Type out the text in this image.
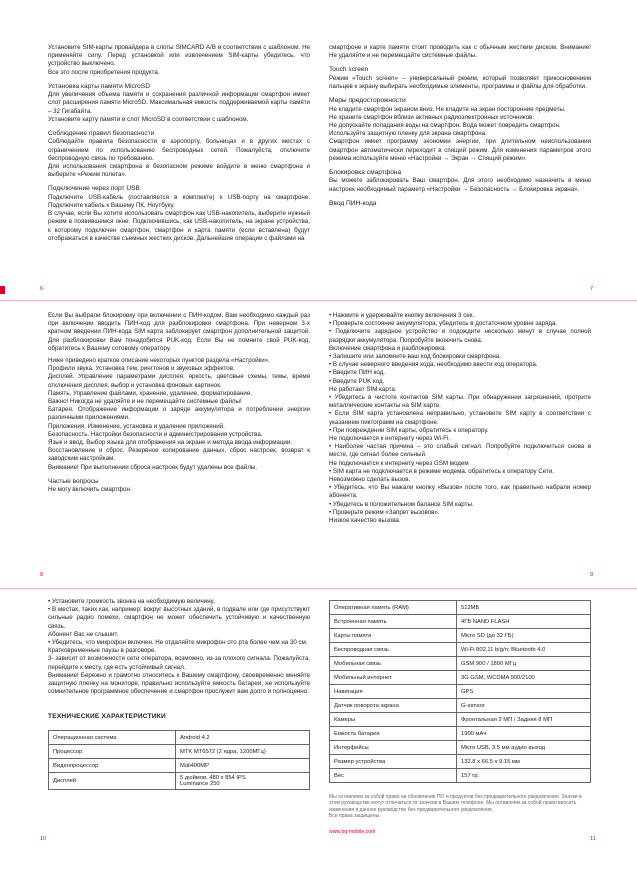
Установите SIM-карты провайдера в слоты SIMCARD A/B в соответствии с шаблоном. Не применяйте силу. Перед установкой или извлечением SIM-карты убедитесь, что устройство выключено.
Все это после приобретения продукта.

Установка карты памяти MicroSD

Для увеличения объема памяти и сохранения различной информации смартфон имеет слот расширения памяти MicroSD. Максимальная емкость поддерживаемой карты памяти – 32 Гигабайта.
Установите карту памяти в слот MicroSD в соответствии с шаблоном.

Соблюдение правил безопасности

Соблюдайте правила безопасности в аэропорту, больницах и в других местах с ограничением по использованию беспроводных сетей. Пожалуйста, отключите беспроводную связь по требованию.
Для использования смартфона в безопасном режиме войдите в меню смартфона и выберите «Режим полета».

Подключение через порт USB

Подключите USB-кабель (поставляется в комплекте) к USB-порту на смартфоне. Подключите кабель к Вашему ПК, Ноутбуку.
В случае, если Вы хотите использовать смартфон как USB-накопитель, выберите нужный режим в появившемся окне. Подключившись, как USB-накопитель, на экране устройства, к которому подключен смартфон, смартфон и карта памяти (если вставлена) будут отображаться в качестве съемных жестких дисков. Дальнейшие операции с файлами на

6

смартфоне и карте памяти стоит проводить как с обычным жестким диском. Внимание! Не удаляйте и не перемещайте системные файлы.

Touch screen

Режим «Touch screen» – универсальный режим, который позволяет прикосновением пальцев к экрану выбирать необходимые элементы, программы и файлы для обработки.

Меры предосторожности

Не кладите смартфон экраном вниз. Не кладите на экран посторонние предметы.
Не храните смартфон вблизи активных радиоэлектронных источников.
Не допускайте попадания воды на смартфон. Вода может повредить смартфон.
Используйте защитную пленку для экрана смартфона.
Смартфон имеет программу экономии энергии, при длительном неиспользовании смартфон автоматически переходит в спящий режим. Для изменения параметров этого режима используйте меню «Настройки → Экран → Спящий режим».

Блокировка смартфона

Вы можете заблокировать Ваш смартфон. Для этого необходимо назначить в меню настроек необходимый параметр «Настройки → Безопасность → Блокировка экрана».

Ввод ПИН-кода

7

Если Вы выбрали блокировку при включении с ПИН-кодом, Вам необходимо каждый раз при включении вводить ПИН-код для разблокировки смартфона. При неверном 3-х кратном введении ПИН-кода SIM карта заблокирует смартфон дополнительной защитой. Для разблокировки Вам понадобится PUK-код. Если Вы не помните свой PUK-код, обратитесь к Вашему сотовому оператору.

Ниже приведено краткое описание некоторых пунктов раздела «Настройки».
Профили звука. Установка тем, рингтонов и звуковых эффектов.
Дисплей. Управление параметрами дисплея: яркость, цветовые схемы, темы, время отключения дисплея, выбор и установка фоновых картинок.
Память. Управление файлами, хранение, удаление, форматирование.
Важно! Никогда не удаляйте и не перемещайте системные файлы!
Батарея. Отображение информации о заряде аккумулятора и потреблении энергии различными приложениями.
Приложения. Изменение, установка и удаление приложений.
Безопасность. Настройки безопасности и администрирования устройства.
Язык и ввод. Выбор языка для отображения на экране и метода ввода информации.
Восстановление и сброс. Резервное копирование данных, сброс настроек, возврат к заводским настройкам.
Внимание! При выполнении сброса настроек будут удалены все файлы.

Частые вопросы

Не могу включить смартфон.

8

• Нажмите и удерживайте кнопку включения 3 сек.
• Проверьте состояние аккумулятора, убедитесь в достаточном уровне заряда.
• Подключите зарядное устройство и подождите несколько минут в случае полной разрядки аккумулятора. Попробуйте включить снова.
Включение смартфона и разблокировка.
• Запишите или запомните ваш код блокировки смартфона.
• В случае неверного введения кода, необходимо ввести код оператора.
• Введите ПИН код.
• Введите PUK код.
Не работает SIM карта.
• Убедитесь в чистоте контактов SIM карты. При обнаружении загрязнений, протрите металлические контакты на SIM карте.
• Если SIM карта установлена неправильно, установите SIM карту в соответствии с указанием пиктограмм на смартфоне.
• При повреждении SIM карты, обратитесь к оператору.
Не подключается к интернету через Wi-Fi.
• Наиболее частая причина – это слабый сигнал. Попробуйте подключиться снова в месте, где сигнал более сильный.
Не подключается к интернету через GSM модем
• SIM карта не подключается в режиме модема, обратитесь к оператору Сети.
Невозможно сделать вызов.
• Убедитесь, что Вы нажали кнопку «Вызов» после того, как правильно набрали номер абонента.
• Убедитесь в положительном балансе SIM карты.
• Проверьте режим «Запрет вызовов».
Низкое качество вызова.

9

• Установите громкость звонка на необходимую величину.
• В местах, таких как, например: вокруг высотных зданий, в подвале или где присутствуют сильные радио помехи, смартфон не может обеспечить устойчивую и качественную связь.
Абонент Вас не слышит.
• Убедитесь, что микрофон включен. Не отдаляйте микрофон ото рта более чем на 30 см.
Кратковременные паузы в разговоре.
3- зависит от возможности сети оператора, возможно, из-за плохого сигнала. Пожалуйста, перейдите к месту, где есть устойчивый сигнал.
Внимание! Бережно и грамотно относитесь к Вашему смартфону, своевременно меняйте защитную пленку на мониторе, правильно используйте емкость батареи, не используйте сомнительное программное обеспечение и смартфон прослужит вам долго и полноценно.

ТЕХНИЧЕСКИЕ ХАРАКТЕРИСТИКИ
Операционная система	Android 4.2
Процессор	MTK MT6572 (2 ядра, 1200МГц)
Видеопроцессор	Mali400MP
Дисплей	5 дюймов, 480 x 854 IPS
Luminance 250
10
Оперативная память (RAM)	512МБ
Встроенная память	4ГБ NAND FLASH
Карты памяти	Micro SD (до 32 ГБ)
Беспроводная связь	Wi-Fi 802.11 b/g/n; Bluetooth 4.0
Мобильная связь	GSM 900 / 1800 МГц
Мобильный интернет	3G GSM, WCDMA 900/2100
Навигация	GPS
Датчик поворота экрана	G-sensor
Камеры	Фронтальная 2 МП / Задняя 8 МП
Емкость батареи	1900 мАч
Интерфейсы	Micro USB, 3.5 мм аудио выход
Размер устройства	132.8 x 66.5 x 9.15 мм
Вес	157 гр.
Мы оставляем за собой право на обновление ПО и продуктов без предварительного уведомления. Значки в этом руководстве могут отличаться от значков в Вашем телефоне. Мы оставляем за собой право вносить изменения в данное руководство без предварительного уведомления.
Все права защищены.
www.bq-mobile.com
11
